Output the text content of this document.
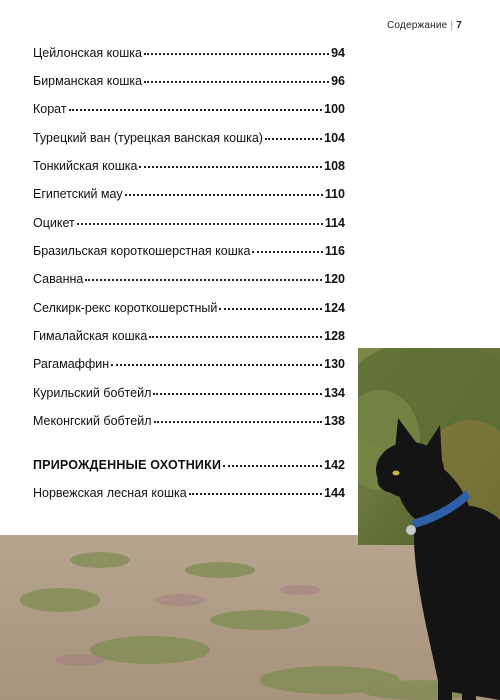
Содержание | 7
Цейлонская кошка	94
Бирманская кошка	96
Корат	100
Турецкий ван (турецкая ванская кошка)	104
Тонкийская кошка	108
Египетский мау	110
Оцикет	114
Бразильская короткошерстная кошка	116
Саванна	120
Селкирк-рекс короткошерстный	124
Гималайская кошка	128
Рагамаффин	130
Курильский бобтейл	134
Меконгский бобтейл	138
ПРИРОЖДЕННЫЕ ОХОТНИКИ	142
Норвежская лесная кошка	144
